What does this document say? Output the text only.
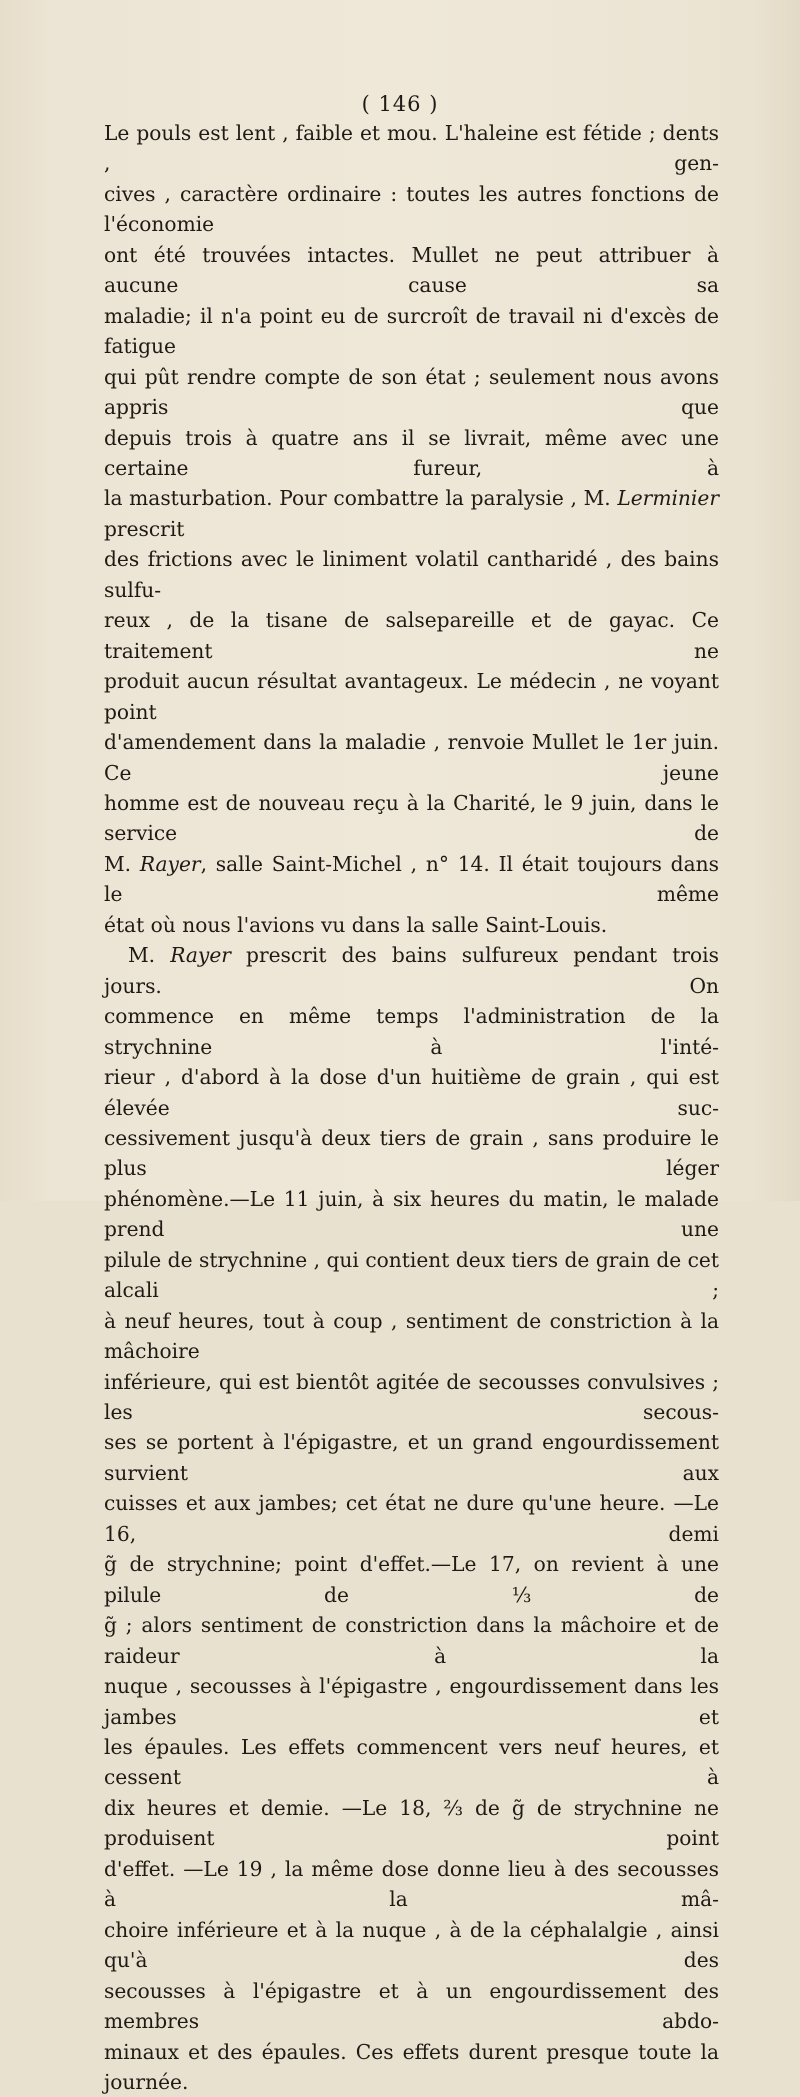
( 146 )

Le pouls est lent , faible et mou. L'haleine est fétide ; dents , gen-

cives , caractère ordinaire : toutes les autres fonctions de l'économie

ont été trouvées intactes. Mullet ne peut attribuer à aucune cause sa

maladie; il n'a point eu de surcroît de travail ni d'excès de fatigue

qui pût rendre compte de son état ; seulement nous avons appris que

depuis trois à quatre ans il se livrait, même avec une certaine fureur, à

la masturbation. Pour combattre la paralysie , M. Lerminier prescrit

des frictions avec le liniment volatil cantharidé , des bains sulfu-

reux , de la tisane de salsepareille et de gayac. Ce traitement ne

produit aucun résultat avantageux. Le médecin , ne voyant point

d'amendement dans la maladie , renvoie Mullet le 1er juin. Ce jeune

homme est de nouveau reçu à la Charité, le 9 juin, dans le service de

M. Rayer, salle Saint-Michel , n° 14. Il était toujours dans le même

état où nous l'avions vu dans la salle Saint-Louis.

M. Rayer prescrit des bains sulfureux pendant trois jours. On

commence en même temps l'administration de la strychnine à l'inté-

rieur , d'abord à la dose d'un huitième de grain , qui est élevée suc-

cessivement jusqu'à deux tiers de grain , sans produire le plus léger

phénomène.—Le 11 juin, à six heures du matin, le malade prend une

pilule de strychnine , qui contient deux tiers de grain de cet alcali ;

à neuf heures, tout à coup , sentiment de constriction à la mâchoire

inférieure, qui est bientôt agitée de secousses convulsives ; les secous-

ses se portent à l'épigastre, et un grand engourdissement survient aux

cuisses et aux jambes; cet état ne dure qu'une heure. —Le 16, demi

g̃ de strychnine; point d'effet.—Le 17, on revient à une pilule de ⅓ de

g̃ ; alors sentiment de constriction dans la mâchoire et de raideur à la

nuque , secousses à l'épigastre , engourdissement dans les jambes et

les épaules. Les effets commencent vers neuf heures, et cessent à

dix heures et demie. —Le 18, ⅔ de g̃ de strychnine ne produisent point

d'effet. —Le 19 , la même dose donne lieu à des secousses à la mâ-

choire inférieure et à la nuque , à de la céphalalgie , ainsi qu'à des

secousses à l'épigastre et à un engourdissement des membres abdo-

minaux et des épaules. Ces effets durent presque toute la journée.
